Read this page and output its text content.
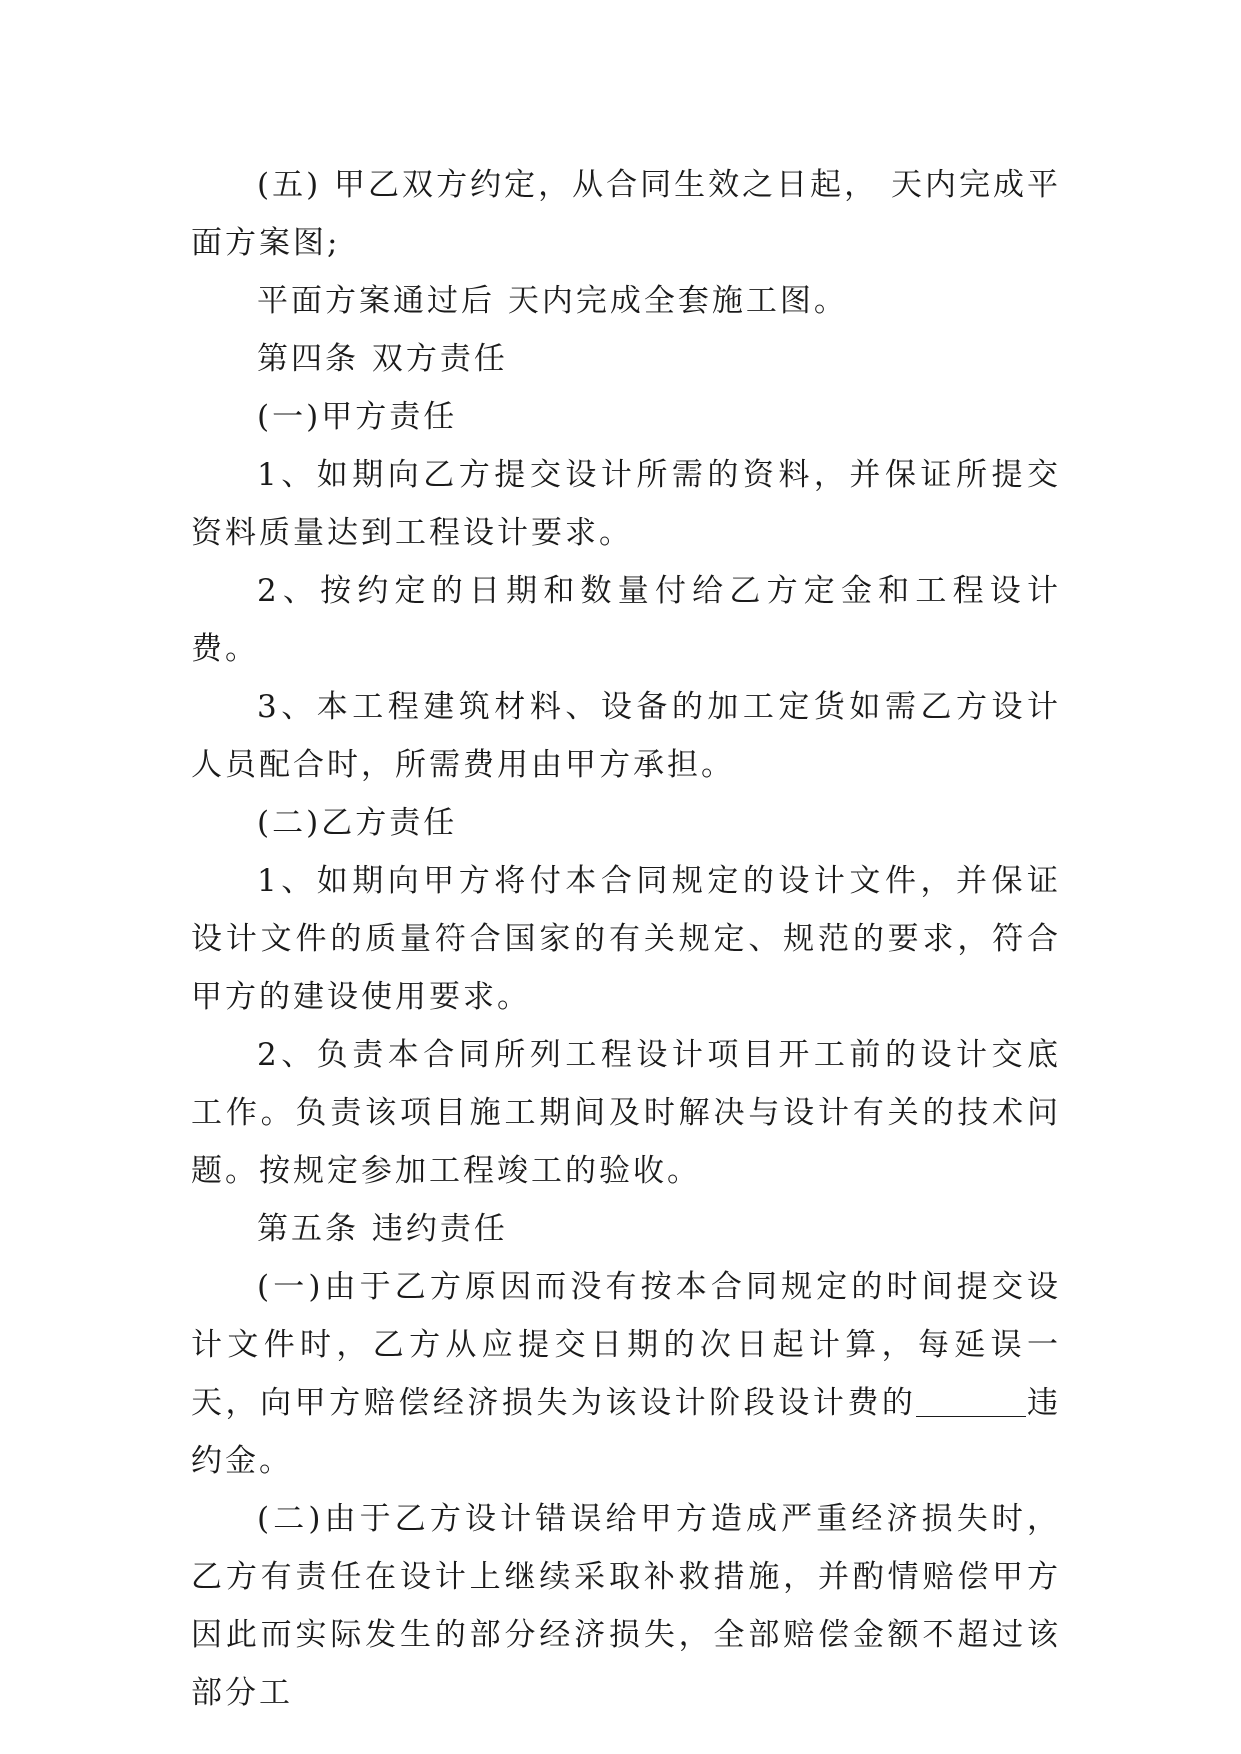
(五) 甲乙双方约定，从合同生效之日起， 天内完成平面方案图;

平面方案通过后 天内完成全套施工图。

第四条 双方责任

(一)甲方责任

1、如期向乙方提交设计所需的资料，并保证所提交资料质量达到工程设计要求。

2、按约定的日期和数量付给乙方定金和工程设计费。

3、本工程建筑材料、设备的加工定货如需乙方设计人员配合时，所需费用由甲方承担。

(二)乙方责任

1、如期向甲方将付本合同规定的设计文件，并保证设计文件的质量符合国家的有关规定、规范的要求，符合甲方的建设使用要求。

2、负责本合同所列工程设计项目开工前的设计交底工作。负责该项目施工期间及时解决与设计有关的技术问题。按规定参加工程竣工的验收。

第五条 违约责任

(一)由于乙方原因而没有按本合同规定的时间提交设计文件时，乙方从应提交日期的次日起计算，每延误一天，向甲方赔偿经济损失为该设计阶段设计费的	违约金。

(二)由于乙方设计错误给甲方造成严重经济损失时，乙方有责任在设计上继续采取补救措施，并酌情赔偿甲方因此而实际发生的部分经济损失，全部赔偿金额不超过该部分工
